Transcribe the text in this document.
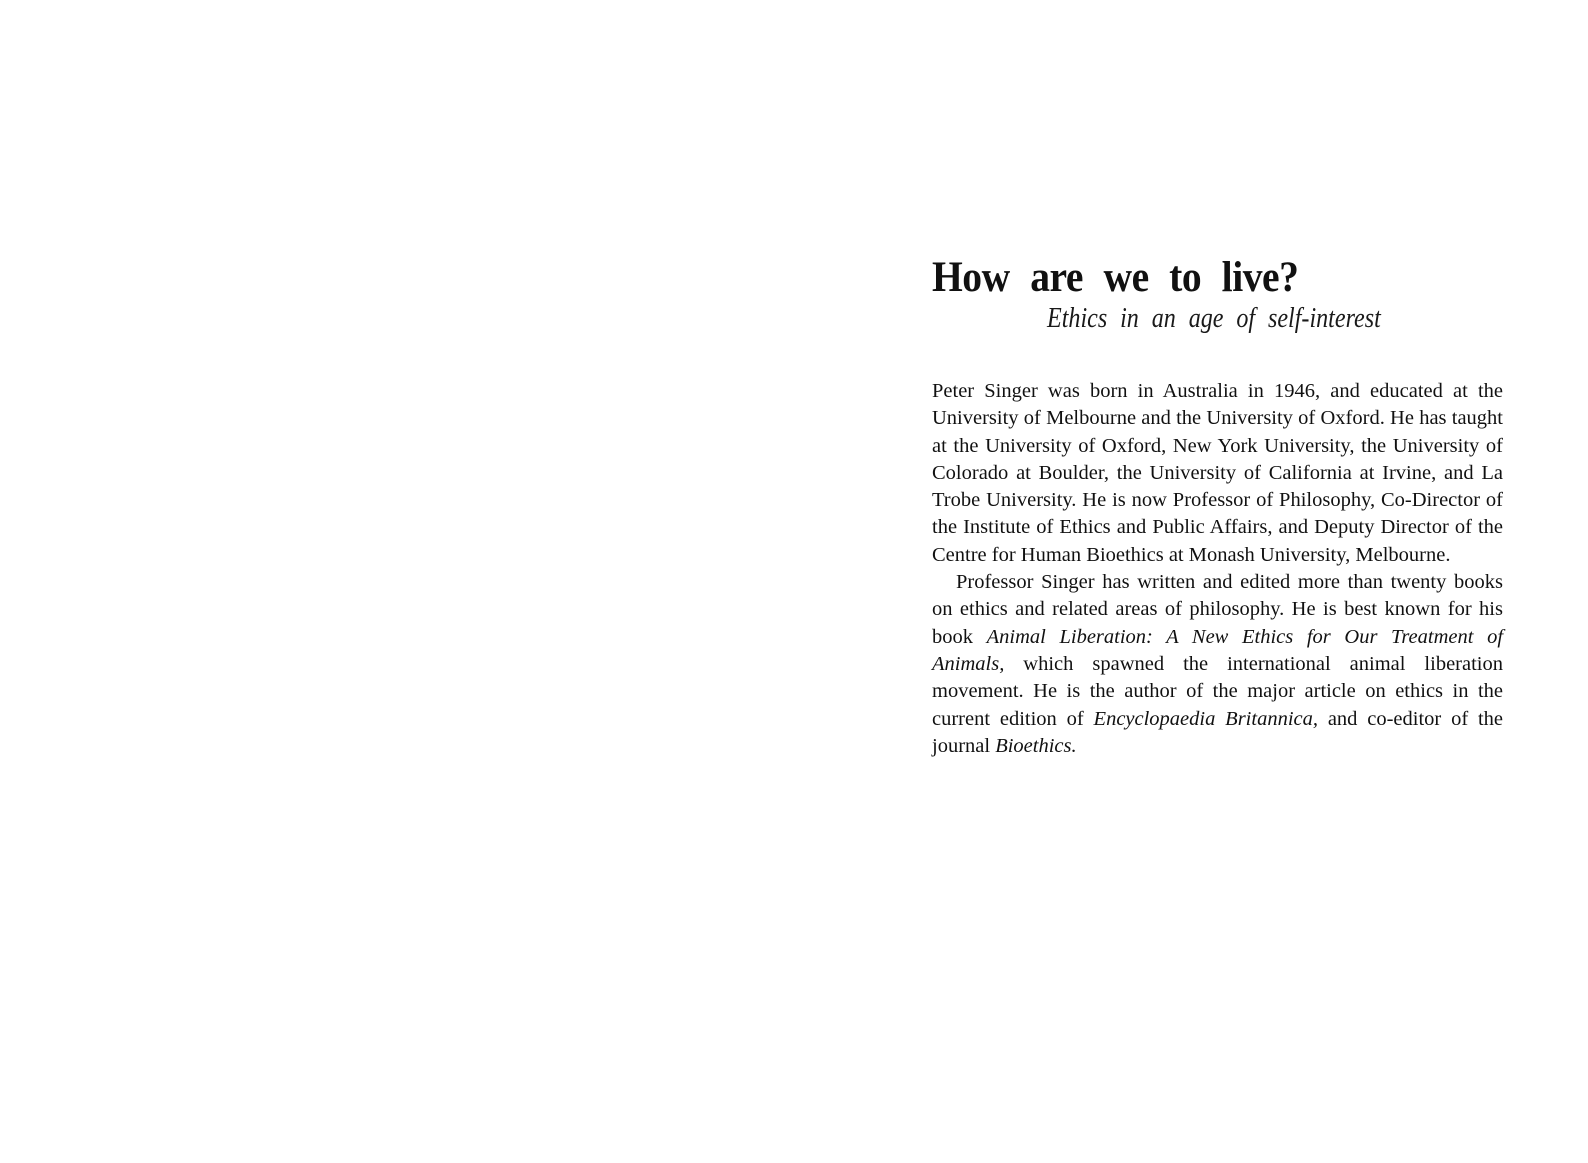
How are we to live?
Ethics in an age of self-interest

Peter Singer was born in Australia in 1946, and educated at the University of Melbourne and the University of Oxford. He has taught at the University of Oxford, New York University, the University of Colorado at Boulder, the University of California at Irvine, and La Trobe University. He is now Professor of Philosophy, Co-Director of the Institute of Ethics and Public Affairs, and Deputy Director of the Centre for Human Bioethics at Monash University, Melbourne.

Professor Singer has written and edited more than twenty books on ethics and related areas of philosophy. He is best known for his book Animal Liberation: A New Ethics for Our Treatment of Animals, which spawned the international animal liberation movement. He is the author of the major article on ethics in the current edition of Encyclopaedia Britannica, and co-editor of the journal Bioethics.
